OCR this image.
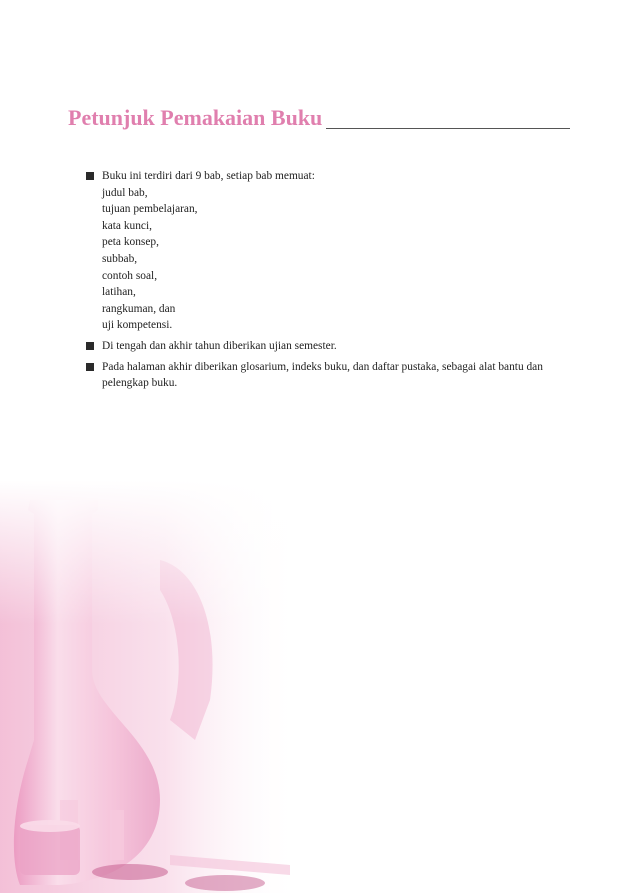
Petunjuk Pemakaian Buku
Buku ini terdiri dari 9 bab, setiap bab memuat:
judul bab,
tujuan pembelajaran,
kata kunci,
peta konsep,
subbab,
contoh soal,
latihan,
rangkuman, dan
uji kompetensi.
Di tengah dan akhir tahun diberikan ujian semester.
Pada halaman akhir diberikan glosarium, indeks buku, dan daftar pustaka, sebagai alat bantu dan pelengkap buku.
